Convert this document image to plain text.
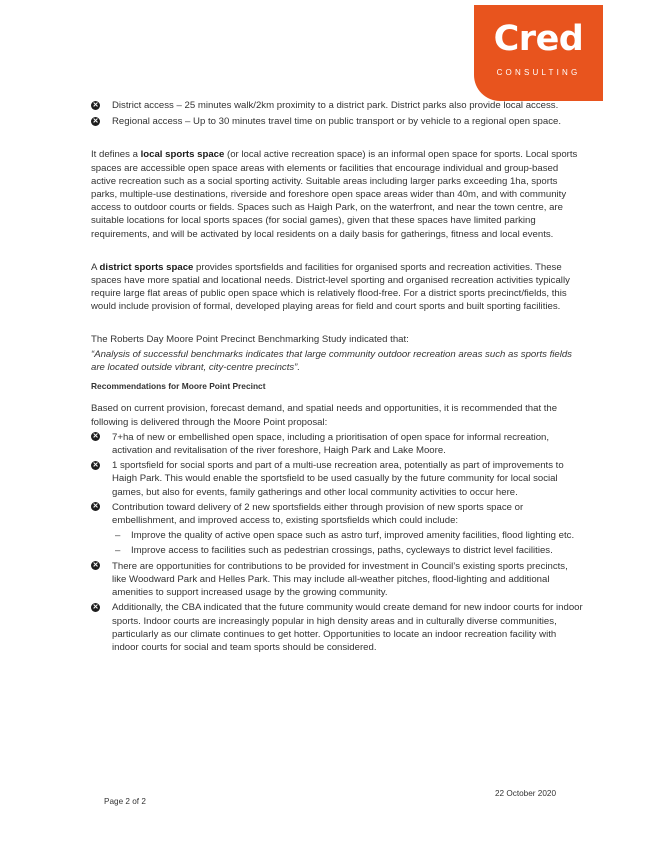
Cred
CONSULTING
✕ District access – 25 minutes walk/2km proximity to a district park. District parks also provide local access.

✕ Regional access – Up to 30 minutes travel time on public transport or by vehicle to a regional open space.

It defines a local sports space (or local active recreation space) is an informal open space for sports. Local sports spaces are accessible open space areas with elements or facilities that encourage individual and group-based active recreation such as a social sporting activity. Suitable areas including larger parks exceeding 1ha, sports parks, multiple-use destinations, riverside and foreshore open space areas wider than 40m, and with community access to outdoor courts or fields. Spaces such as Haigh Park, on the waterfront, and near the town centre, are suitable locations for local sports spaces (for social games), given that these spaces have limited parking requirements, and will be activated by local residents on a daily basis for gatherings, fitness and local events.

A district sports space provides sportsfields and facilities for organised sports and recreation activities. These spaces have more spatial and locational needs. District-level sporting and organised recreation activities typically require large flat areas of public open space which is relatively flood-free. For a district sports precinct/fields, this would include provision of formal, developed playing areas for field and court sports and built sporting facilities.

The Roberts Day Moore Point Precinct Benchmarking Study indicated that:

“Analysis of successful benchmarks indicates that large community outdoor recreation areas such as sports fields are located outside vibrant, city-centre precincts”.

Recommendations for Moore Point Precinct

Based on current provision, forecast demand, and spatial needs and opportunities, it is recommended that the following is delivered through the Moore Point proposal:

✕ 7+ha of new or embellished open space, including a prioritisation of open space for informal recreation, activation and revitalisation of the river foreshore, Haigh Park and Lake Moore.

✕ 1 sportsfield for social sports and part of a multi-use recreation area, potentially as part of improvements to Haigh Park. This would enable the sportsfield to be used casually by the future community for local social games, but also for events, family gatherings and other local community activities to occur here.

✕ Contribution toward delivery of 2 new sportsfields either through provision of new sports space or embellishment, and improved access to, existing sportsfields which could include:

– Improve the quality of active open space such as astro turf, improved amenity facilities, flood lighting etc.

– Improve access to facilities such as pedestrian crossings, paths, cycleways to district level facilities.

✕ There are opportunities for contributions to be provided for investment in Council’s existing sports precincts, like Woodward Park and Helles Park. This may include all-weather pitches, flood-lighting and additional amenities to support increased usage by the growing community.

✕ Additionally, the CBA indicated that the future community would create demand for new indoor courts for indoor sports. Indoor courts are increasingly popular in high density areas and in culturally diverse communities, particularly as our climate continues to get hotter. Opportunities to locate an indoor recreation facility with indoor courts for social and team sports should be considered.

22 October 2020
Page 2 of 2
